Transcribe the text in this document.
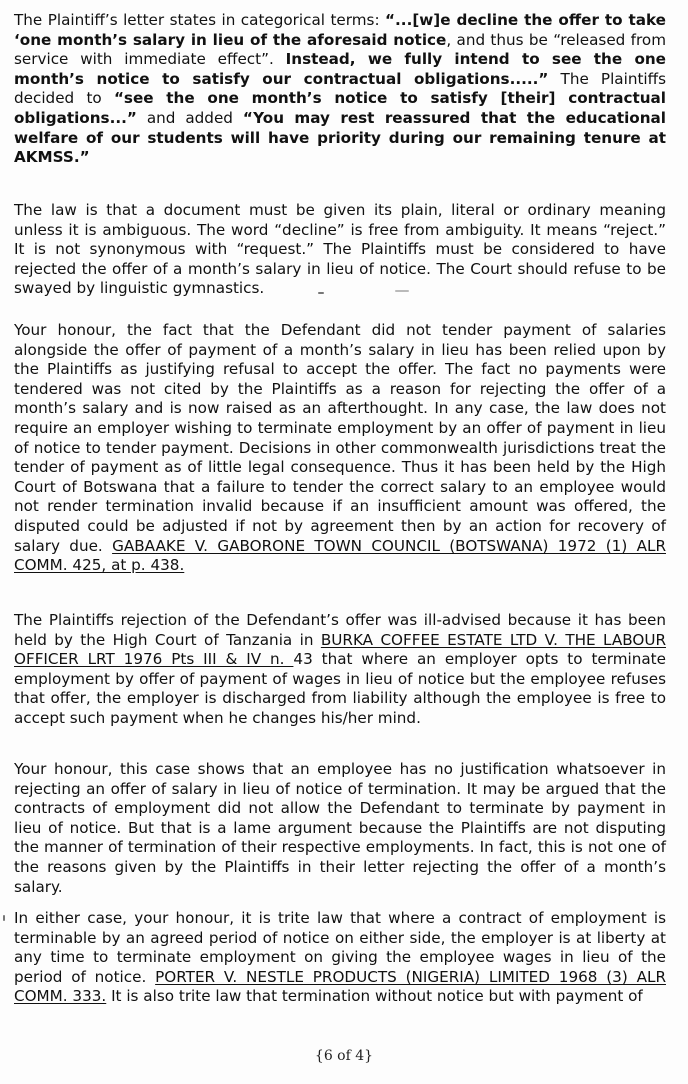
The Plaintiff’s letter states in categorical terms: “...[w]e decline the offer to take
‘one month’s salary in lieu of the aforesaid notice, and thus be “released from
service with immediate effect”. Instead, we fully intend to see the one
month’s notice to satisfy our contractual obligations.....” The Plaintiffs
decided to “see the one month’s notice to satisfy [their] contractual
obligations...” and added “You may rest reassured that the educational
welfare of our students will have priority during our remaining tenure at
AKMSS.”
The law is that a document must be given its plain, literal or ordinary meaning
unless it is ambiguous. The word “decline” is free from ambiguity. It means “reject.”
It is not synonymous with “request.” The Plaintiffs must be considered to have
rejected the offer of a month’s salary in lieu of notice. The Court should refuse to be
swayed by linguistic gymnastics.
Your honour, the fact that the Defendant did not tender payment of salaries
alongside the offer of payment of a month’s salary in lieu has been relied upon by
the Plaintiffs as justifying refusal to accept the offer. The fact no payments were
tendered was not cited by the Plaintiffs as a reason for rejecting the offer of a
month’s salary and is now raised as an afterthought. In any case, the law does not
require an employer wishing to terminate employment by an offer of payment in lieu
of notice to tender payment. Decisions in other commonwealth jurisdictions treat the
tender of payment as of little legal consequence. Thus it has been held by the High
Court of Botswana that a failure to tender the correct salary to an employee would
not render termination invalid because if an insufficient amount was offered, the
disputed could be adjusted if not by agreement then by an action for recovery of
salary due. GABAAKE V. GABORONE TOWN COUNCIL (BOTSWANA) 1972 (1) ALR
COMM. 425, at p. 438.
The Plaintiffs rejection of the Defendant’s offer was ill-advised because it has been
held by the High Court of Tanzania in BURKA COFFEE ESTATE LTD V. THE LABOUR
OFFICER LRT 1976 Pts III & IV n. 43 that where an employer opts to terminate
employment by offer of payment of wages in lieu of notice but the employee refuses
that offer, the employer is discharged from liability although the employee is free to
accept such payment when he changes his/her mind.
Your honour, this case shows that an employee has no justification whatsoever in
rejecting an offer of salary in lieu of notice of termination. It may be argued that the
contracts of employment did not allow the Defendant to terminate by payment in
lieu of notice. But that is a lame argument because the Plaintiffs are not disputing
the manner of termination of their respective employments. In fact, this is not one of
the reasons given by the Plaintiffs in their letter rejecting the offer of a month’s
salary.
In either case, your honour, it is trite law that where a contract of employment is
terminable by an agreed period of notice on either side, the employer is at liberty at
any time to terminate employment on giving the employee wages in lieu of the
period of notice. PORTER V. NESTLE PRODUCTS (NIGERIA) LIMITED 1968 (3) ALR
COMM. 333. It is also trite law that termination without notice but with payment of
{6 of 4}
